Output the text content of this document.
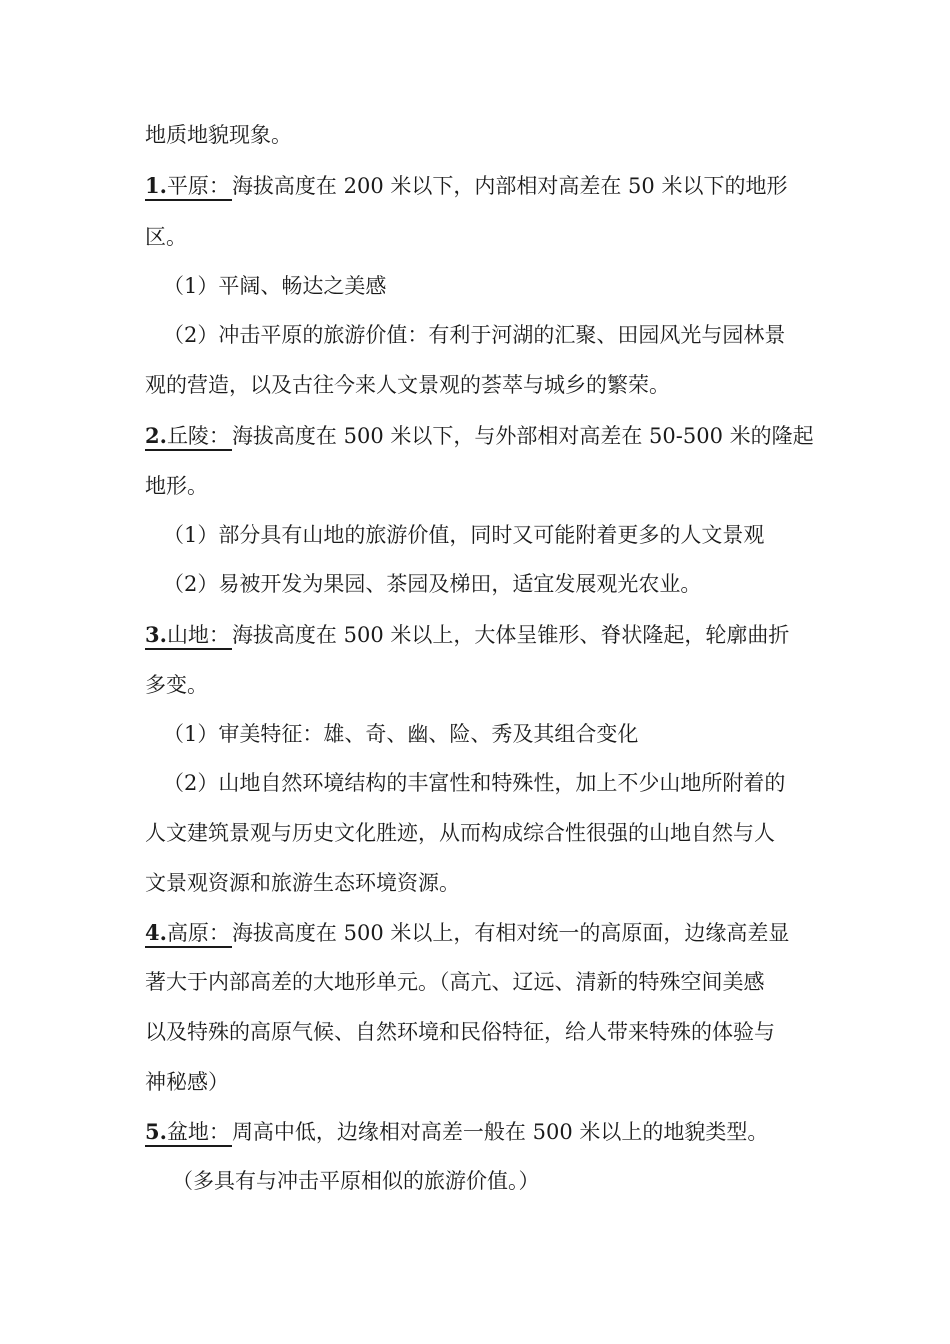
地质地貌现象。
1.平原：海拔高度在 200 米以下，内部相对高差在 50 米以下的地形
区。
（1）平阔、畅达之美感
（2）冲击平原的旅游价值：有利于河湖的汇聚、田园风光与园林景
观的营造，以及古往今来人文景观的荟萃与城乡的繁荣。
2.丘陵：海拔高度在 500 米以下，与外部相对高差在 50-500 米的隆起
地形。
（1）部分具有山地的旅游价值，同时又可能附着更多的人文景观
（2）易被开发为果园、茶园及梯田，适宜发展观光农业。
3.山地：海拔高度在 500 米以上，大体呈锥形、脊状隆起，轮廓曲折
多变。
（1）审美特征：雄、奇、幽、险、秀及其组合变化
（2）山地自然环境结构的丰富性和特殊性，加上不少山地所附着的
人文建筑景观与历史文化胜迹，从而构成综合性很强的山地自然与人
文景观资源和旅游生态环境资源。
4.高原：海拔高度在 500 米以上，有相对统一的高原面，边缘高差显
著大于内部高差的大地形单元。（高亢、辽远、清新的特殊空间美感
以及特殊的高原气候、自然环境和民俗特征，给人带来特殊的体验与
神秘感）
5.盆地：周高中低，边缘相对高差一般在 500 米以上的地貌类型。
（多具有与冲击平原相似的旅游价值。）
